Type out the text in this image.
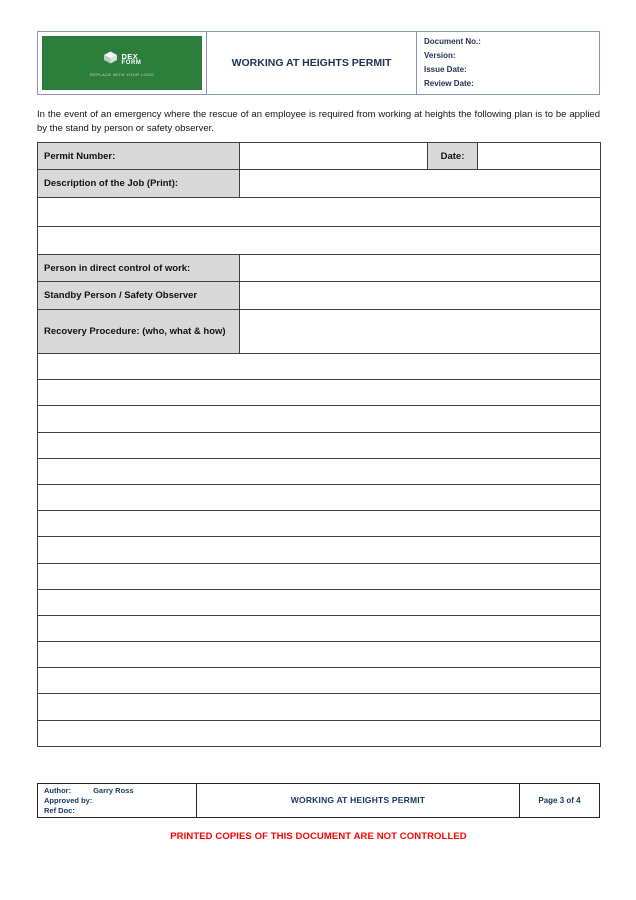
DEX
FORM
REPLACE WITH YOUR LOGO
WORKING AT HEIGHTS PERMIT
Document No.:
Version:
Issue Date:
Review Date:

In the event of an emergency where the rescue of an employee is required from working at heights the following plan is to be applied by the stand by person or safety observer.

Permit Number:		Date:	
Description of the Job (Print):			

Person in direct control of work:			
Standby Person / Safety Observer			
Recovery Procedure: (who, what & how)			

Author:	Garry Ross
Approved by:
Ref Doc:
WORKING AT HEIGHTS PERMIT	Page 3 of 4
PRINTED COPIES OF THIS DOCUMENT ARE NOT CONTROLLED
